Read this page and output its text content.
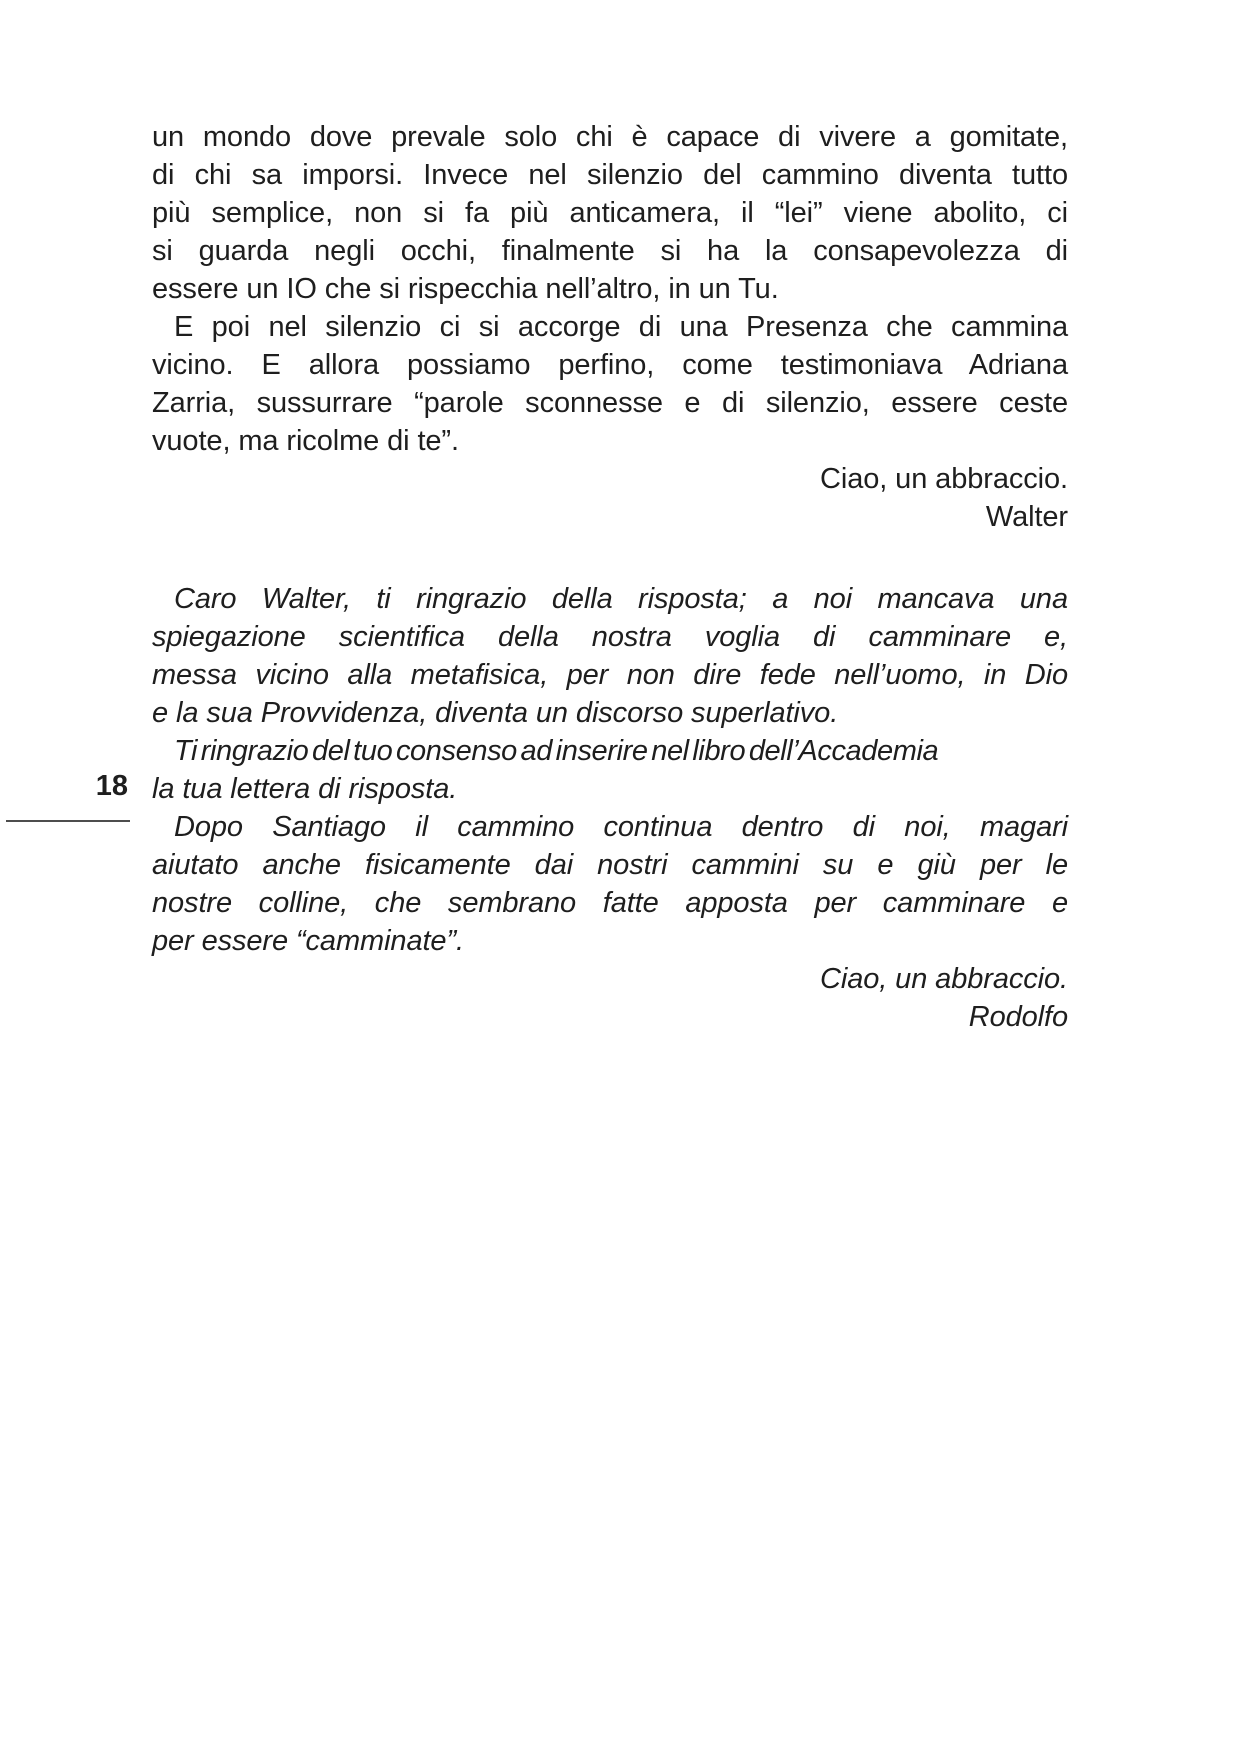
18
un mondo dove prevale solo chi è capace di vivere a gomitate,
di chi sa imporsi. Invece nel silenzio del cammino diventa tutto
più semplice, non si fa più anticamera, il “lei” viene abolito, ci
si guarda negli occhi, finalmente si ha la consapevolezza di
essere un IO che si rispecchia nell’altro, in un Tu.
E poi nel silenzio ci si accorge di una Presenza che cammina
vicino. E allora possiamo perfino, come testimoniava Adriana
Zarria, sussurrare “parole sconnesse e di silenzio, essere ceste
vuote, ma ricolme di te”.
Ciao, un abbraccio.
Walter
Caro Walter, ti ringrazio della risposta; a noi mancava una
spiegazione scientifica della nostra voglia di camminare e,
messa vicino alla metafisica, per non dire fede nell’uomo, in Dio
e la sua Provvidenza, diventa un discorso superlativo.
Ti ringrazio del tuo consenso ad inserire nel libro dell’Accademia
la tua lettera di risposta.
Dopo Santiago il cammino continua dentro di noi, magari
aiutato anche fisicamente dai nostri cammini su e giù per le
nostre colline, che sembrano fatte apposta per camminare e
per essere “camminate”.
Ciao, un abbraccio.
Rodolfo
